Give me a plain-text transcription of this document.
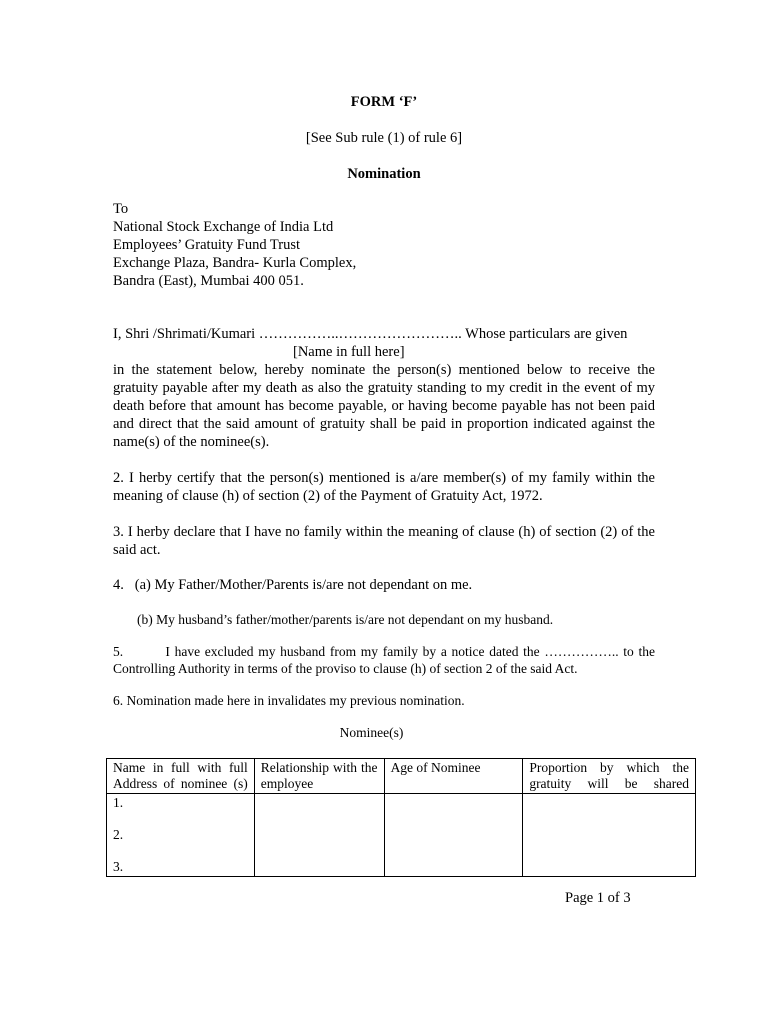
FORM ‘F’
[See Sub rule (1) of rule 6]
Nomination
To
National Stock Exchange of India Ltd
Employees’ Gratuity Fund Trust
Exchange Plaza, Bandra- Kurla Complex,
Bandra (East), Mumbai 400 051.
I, Shri /Shrimati/Kumari ……………..…………………….. Whose particulars are given
[Name in full here]

in the statement below, hereby nominate the person(s) mentioned below to receive the gratuity payable after my death as also the gratuity standing to my credit in the event of my death before that amount has become payable, or having become payable has not been paid and direct that the said amount of gratuity shall be paid in proportion indicated against the name(s) of the nominee(s).

2. I herby certify that the person(s) mentioned is a/are member(s) of my family within the meaning of clause (h) of section (2) of the Payment of Gratuity Act, 1972.

3. I herby declare that I have no family within the meaning of clause (h) of section (2) of the said act.

4.   (a) My Father/Mother/Parents is/are not dependant on me.

(b) My husband’s father/mother/parents is/are not dependant on my husband.

5.         I have excluded my husband from my family by a notice dated the …………….. to the Controlling Authority in terms of the proviso to clause (h) of section 2 of the said Act.

6. Nomination made here in invalidates my previous nomination.

Nominee(s)
Name in full with full Address of nominee (s)	Relationship with the employee	Age of Nominee	Proportion by which the gratuity will be shared

1.
2.
3.			

Page 1 of 3
